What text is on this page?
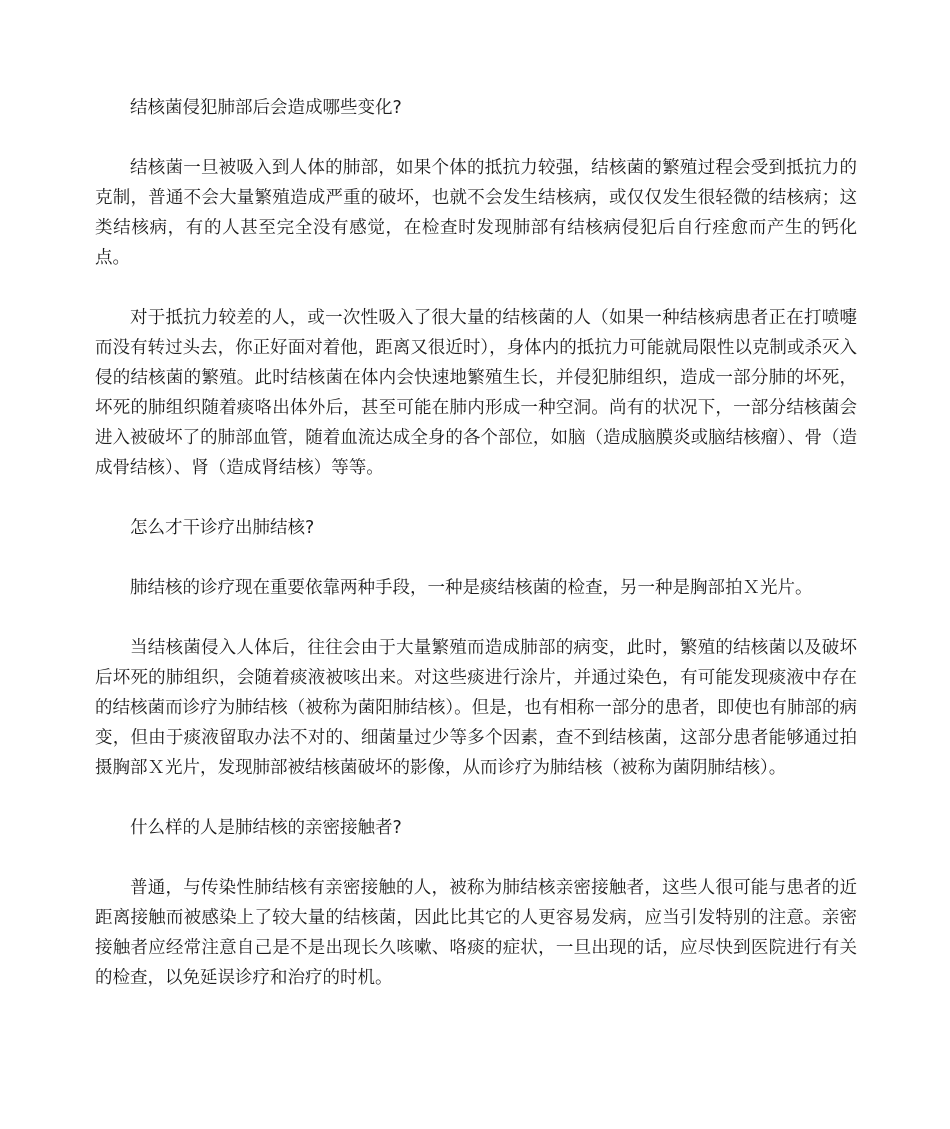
结核菌侵犯肺部后会造成哪些变化?

结核菌一旦被吸入到人体的肺部，如果个体的抵抗力较强，结核菌的繁殖过程会受到抵抗力的克制，普通不会大量繁殖造成严重的破坏，也就不会发生结核病，或仅仅发生很轻微的结核病；这类结核病，有的人甚至完全没有感觉，在检查时发现肺部有结核病侵犯后自行痊愈而产生的钙化点。

对于抵抗力较差的人，或一次性吸入了很大量的结核菌的人（如果一种结核病患者正在打喷嚏而没有转过头去，你正好面对着他，距离又很近时），身体内的抵抗力可能就局限性以克制或杀灭入侵的结核菌的繁殖。此时结核菌在体内会快速地繁殖生长，并侵犯肺组织，造成一部分肺的坏死，坏死的肺组织随着痰咯出体外后，甚至可能在肺内形成一种空洞。尚有的状况下，一部分结核菌会进入被破坏了的肺部血管，随着血流达成全身的各个部位，如脑（造成脑膜炎或脑结核瘤）、骨（造成骨结核）、肾（造成肾结核）等等。

怎么才干诊疗出肺结核?

肺结核的诊疗现在重要依靠两种手段，一种是痰结核菌的检查，另一种是胸部拍Ｘ光片。

当结核菌侵入人体后，往往会由于大量繁殖而造成肺部的病变，此时，繁殖的结核菌以及破坏后坏死的肺组织，会随着痰液被咳出来。对这些痰进行涂片，并通过染色，有可能发现痰液中存在的结核菌而诊疗为肺结核（被称为菌阳肺结核）。但是，也有相称一部分的患者，即使也有肺部的病变，但由于痰液留取办法不对的、细菌量过少等多个因素，查不到结核菌，这部分患者能够通过拍摄胸部Ｘ光片，发现肺部被结核菌破坏的影像，从而诊疗为肺结核（被称为菌阴肺结核）。

什么样的人是肺结核的亲密接触者?

普通，与传染性肺结核有亲密接触的人，被称为肺结核亲密接触者，这些人很可能与患者的近距离接触而被感染上了较大量的结核菌，因此比其它的人更容易发病，应当引发特别的注意。亲密接触者应经常注意自己是不是出现长久咳嗽、咯痰的症状，一旦出现的话，应尽快到医院进行有关的检查，以免延误诊疗和治疗的时机。
